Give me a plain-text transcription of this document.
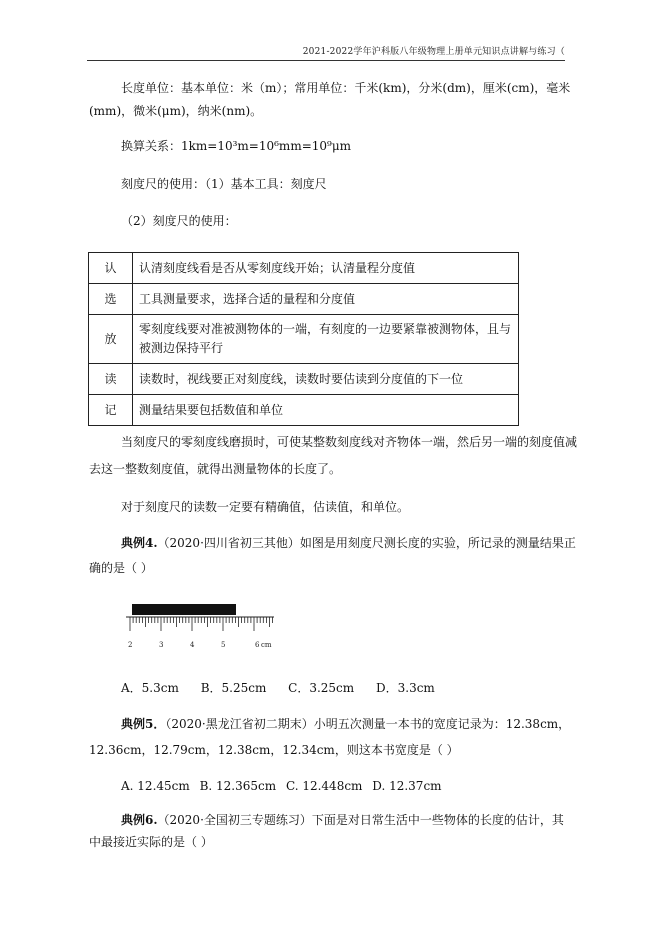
2021-2022学年沪科版八年级物理上册单元知识点讲解与练习（
长度单位：基本单位：米（m）；常用单位：千米(km)，分米(dm)，厘米(cm)，毫米
(mm)，微米(μm)，纳米(nm)。
换算关系：1km=10³m=10⁶mm=10⁹μm
刻度尺的使用：（1）基本工具：刻度尺
（2）刻度尺的使用：
认	认清刻度线看是否从零刻度线开始；认清量程分度值
选	工具测量要求，选择合适的量程和分度值
放	零刻度线要对准被测物体的一端，有刻度的一边要紧靠被测物体，且与被测边保持平行
读	读数时，视线要正对刻度线，读数时要估读到分度值的下一位
记	测量结果要包括数值和单位
当刻度尺的零刻度线磨损时，可使某整数刻度线对齐物体一端，然后另一端的刻度值减
去这一整数刻度值，就得出测量物体的长度了。
对于刻度尺的读数一定要有精确值，估读值，和单位。
典例4.（2020·四川省初三其他）如图是用刻度尺测长度的实验，所记录的测量结果正
确的是（ ）
2	3	4	5	6 cm
A．5.3cm B．5.25cm C．3.25cm D．3.3cm
典例5．（2020·黑龙江省初二期末）小明五次测量一本书的宽度记录为：12.38cm，
12.36cm，12.79cm，12.38cm，12.34cm，则这本书宽度是（ ）
A. 12.45cm B. 12.365cm C. 12.448cm D. 12.37cm
典例6.（2020·全国初三专题练习）下面是对日常生活中一些物体的长度的估计，其
中最接近实际的是（ ）
